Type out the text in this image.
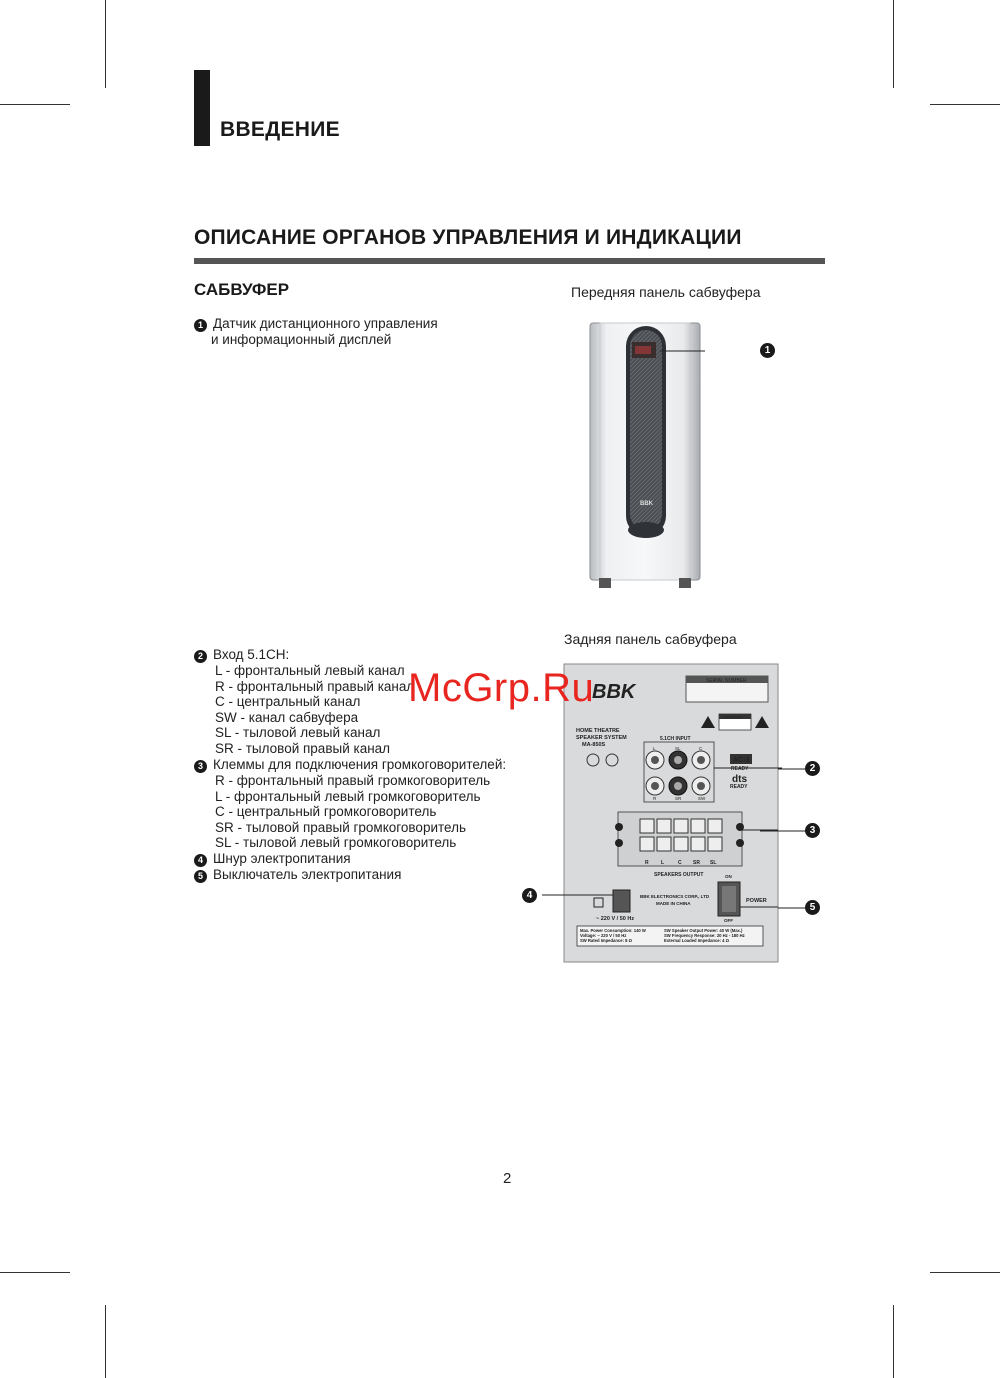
ВВЕДЕНИЕ
ОПИСАНИЕ ОРГАНОВ УПРАВЛЕНИЯ И ИНДИКАЦИИ
САБВУФЕР	Передняя панель сабвуфера
1 Датчик дистанционного управления
и информационный дисплей
BBK
1
Задняя панель сабвуфера
2 Вход 5.1CH:
L - фронтальный левый канал
R - фронтальный правый канал
C - центральный канал
SW - канал сабвуфера
SL - тыловой левый канал
SR - тыловой правый канал
3 Клеммы для подключения громкоговорителей:
R - фронтальный правый громкоговоритель
L - фронтальный левый громкоговоритель
C - центральный громкоговоритель
SR - тыловой правый громкоговоритель
SL - тыловой левый громкоговоритель
4 Шнур электропитания
5 Выключатель электропитания
BBK	SERIAL NUMBER
HOME THEATRE
SPEAKER SYSTEM
MA-850S
CAUTION
5.1CH INPUT
L	SL	C
R	SR	SW
AC-3
READY
dts
READY
R L	C SR SL
SPEAKERS OUTPUT
BBK ELECTRONICS CORP., LTD
MADE IN CHINA
~ 220 V / 50 Hz
ON
OFF
POWER
Max. Power Consumption: 140 W
Voltage: ~ 220 V / 50 Hz
SW Rated Impedance: 8 Ω
SW Speaker Output Power: 40 W (Max.)
SW Frequency Response: 20 Hz - 180 Hz
External Loaded Impedance: 4 Ω
2
3
4
5
McGrp.Ru
2
